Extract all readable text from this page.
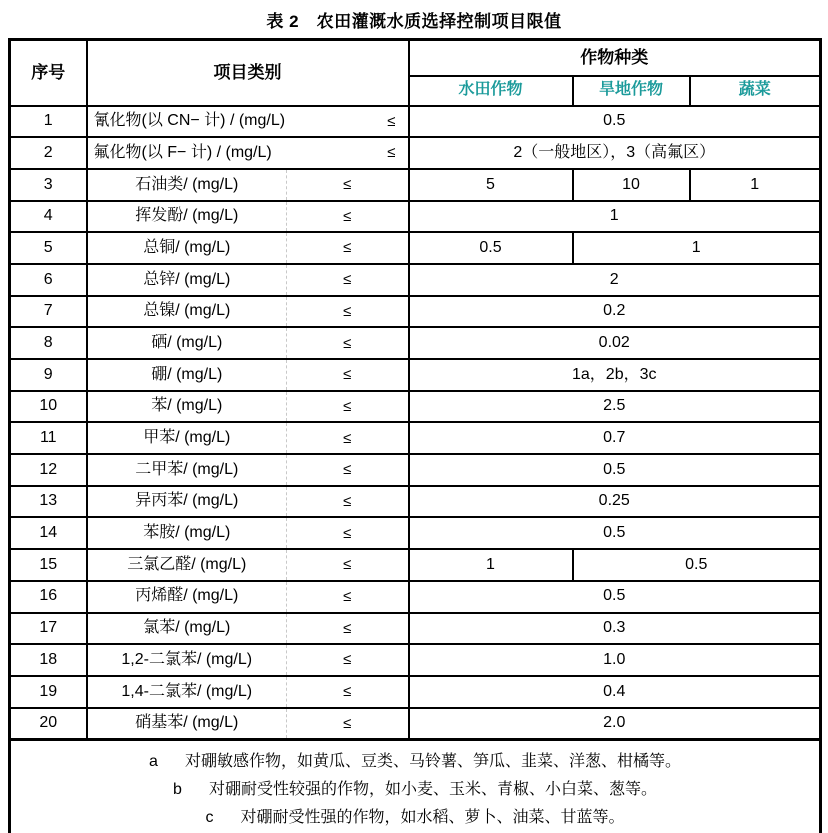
表 2　农田灌溉水质选择控制项目限值
序号	项目类别		作物种类		
			水田作物	旱地作物	蔬菜
1	氰化物(以 CN− 计) / (mg/L) ≤		0.5		
2	氟化物(以 F− 计) / (mg/L) ≤		2（一般地区），3（高氟区）		
3	石油类/ (mg/L)	≤	5	10	1
4	挥发酚/ (mg/L)	≤	1		
5	总铜/ (mg/L)	≤	0.5	1	
6	总锌/ (mg/L)	≤	2		
7	总镍/ (mg/L)	≤	0.2		
8	硒/ (mg/L)	≤	0.02		
9	硼/ (mg/L)	≤	1a，2b，3c		
10	苯/ (mg/L)	≤	2.5		
11	甲苯/ (mg/L)	≤	0.7		
12	二甲苯/ (mg/L)	≤	0.5		
13	异丙苯/ (mg/L)	≤	0.25		
14	苯胺/ (mg/L)	≤	0.5		
15	三氯乙醛/ (mg/L)	≤	1	0.5	
16	丙烯醛/ (mg/L)	≤	0.5		
17	氯苯/ (mg/L)	≤	0.3		
18	1,2-二氯苯/ (mg/L)	≤	1.0		
19	1,4-二氯苯/ (mg/L)	≤	0.4		
20	硝基苯/ (mg/L)	≤	2.0		

a 对硼敏感作物，如黄瓜、豆类、马铃薯、笋瓜、韭菜、洋葱、柑橘等。
b 对硼耐受性较强的作物，如小麦、玉米、青椒、小白菜、葱等。
c 对硼耐受性强的作物，如水稻、萝卜、油菜、甘蓝等。
